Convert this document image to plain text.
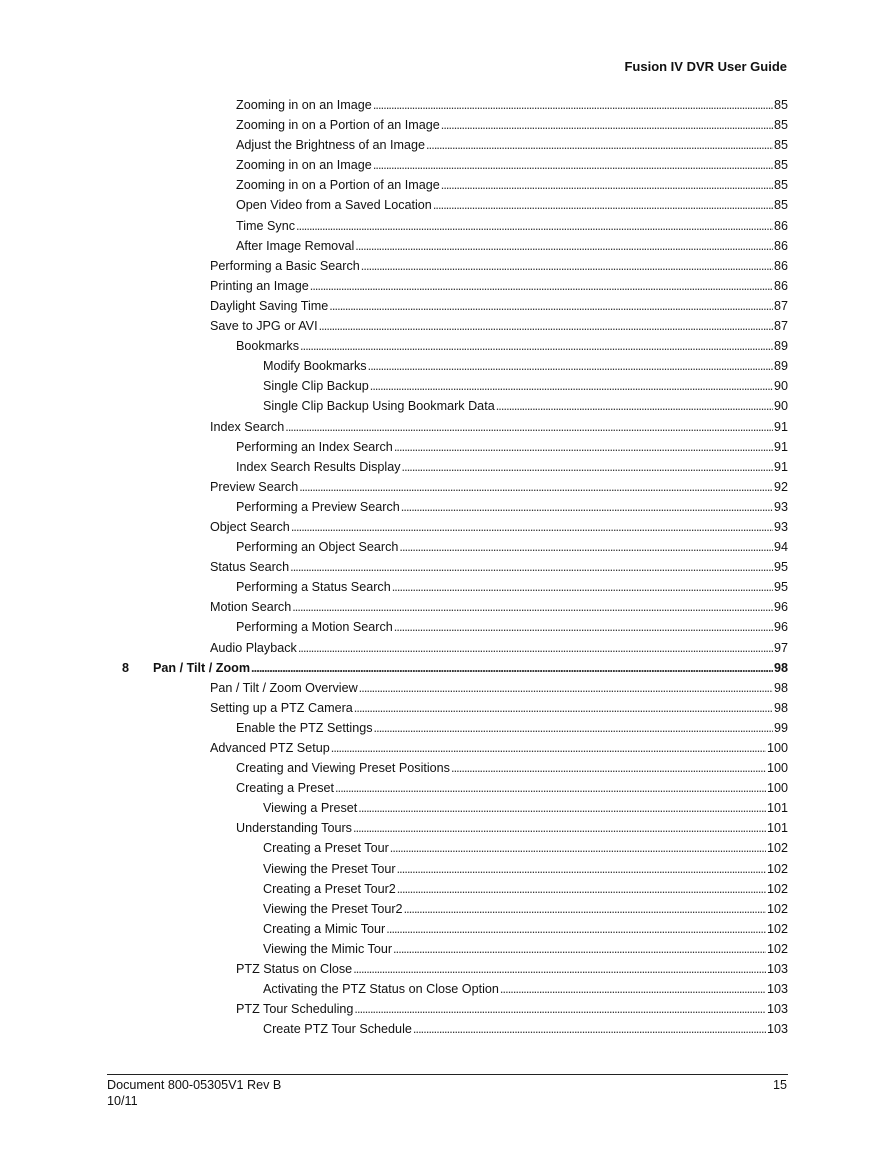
Fusion IV DVR User Guide
Zooming in on an Image . . .	85
Zooming in on a Portion of an Image . . .	85
Adjust the Brightness of an Image . . .	85
Zooming in on an Image . . .	85
Zooming in on a Portion of an Image . . .	85
Open Video from a Saved Location . . .	85
Time Sync . . .	86
After Image Removal . . .	86
Performing a Basic Search . . .	86
Printing an Image . . .	86
Daylight Saving Time . . .	87
Save to JPG or AVI . . .	87
Bookmarks . . .	89
Modify Bookmarks . . .	89
Single Clip Backup . . .	90
Single Clip Backup Using Bookmark Data . . .	90
Index Search . . .	91
Performing an Index Search . . .	91
Index Search Results Display . . .	91
Preview Search . . .	92
Performing a Preview Search . . .	93
Object Search . . .	93
Performing an Object Search . . .	94
Status Search . . .	95
Performing a Status Search . . .	95
Motion Search . . .	96
Performing a Motion Search . . .	96
Audio Playback . . .	97
8 Pan / Tilt / Zoom . . .	98
Pan / Tilt / Zoom Overview . . .	98
Setting up a PTZ Camera . . .	98
Enable the PTZ Settings . . .	99
Advanced PTZ Setup . . .	100
Creating and Viewing Preset Positions . . .	100
Creating a Preset . . .	100
Viewing a Preset . . .	101
Understanding Tours . . .	101
Creating a Preset Tour . . .	102
Viewing the Preset Tour . . .	102
Creating a Preset Tour2 . . .	102
Viewing the Preset Tour2 . . .	102
Creating a Mimic Tour . . .	102
Viewing the Mimic Tour . . .	102
PTZ Status on Close . . .	103
Activating the PTZ Status on Close Option . . .	103
PTZ Tour Scheduling . . .	103
Create PTZ Tour Schedule . . .	103
Document 800-05305V1 Rev B
10/11
15
